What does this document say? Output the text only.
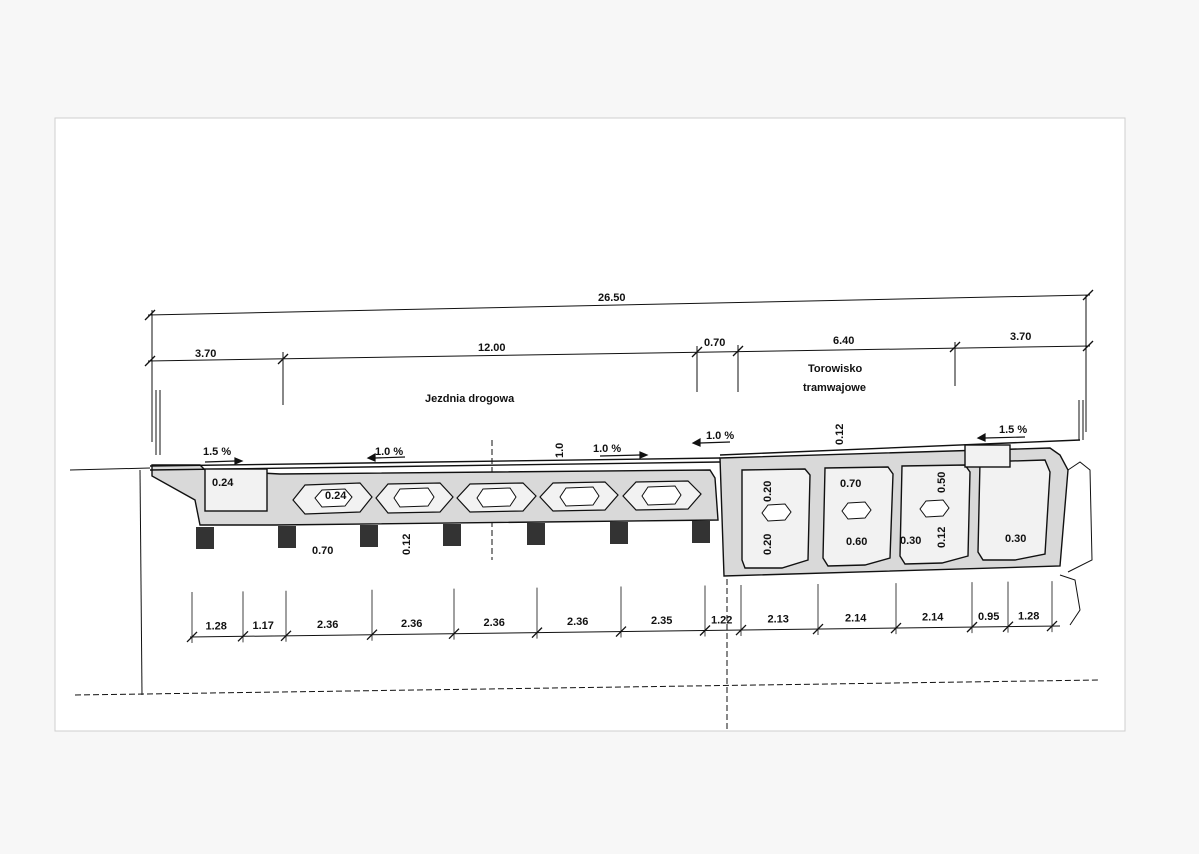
26.50
3.70	12.00	0.70	6.40	3.70
Jezdnia drogowa
Torowisko
tramwajowe
1.5 %	1.0 %	1.0 %
1.0 %	1.5 %
0.24
0.24
0.70	0.12
1.0
0.12
0.20	0.70	0.50
0.20	0.60	0.30 0.12	0.30
1.28 1.17	2.36	2.36	2.36	2.36	2.35	1.22	2.13	2.14	2.14	0.95 1.28
